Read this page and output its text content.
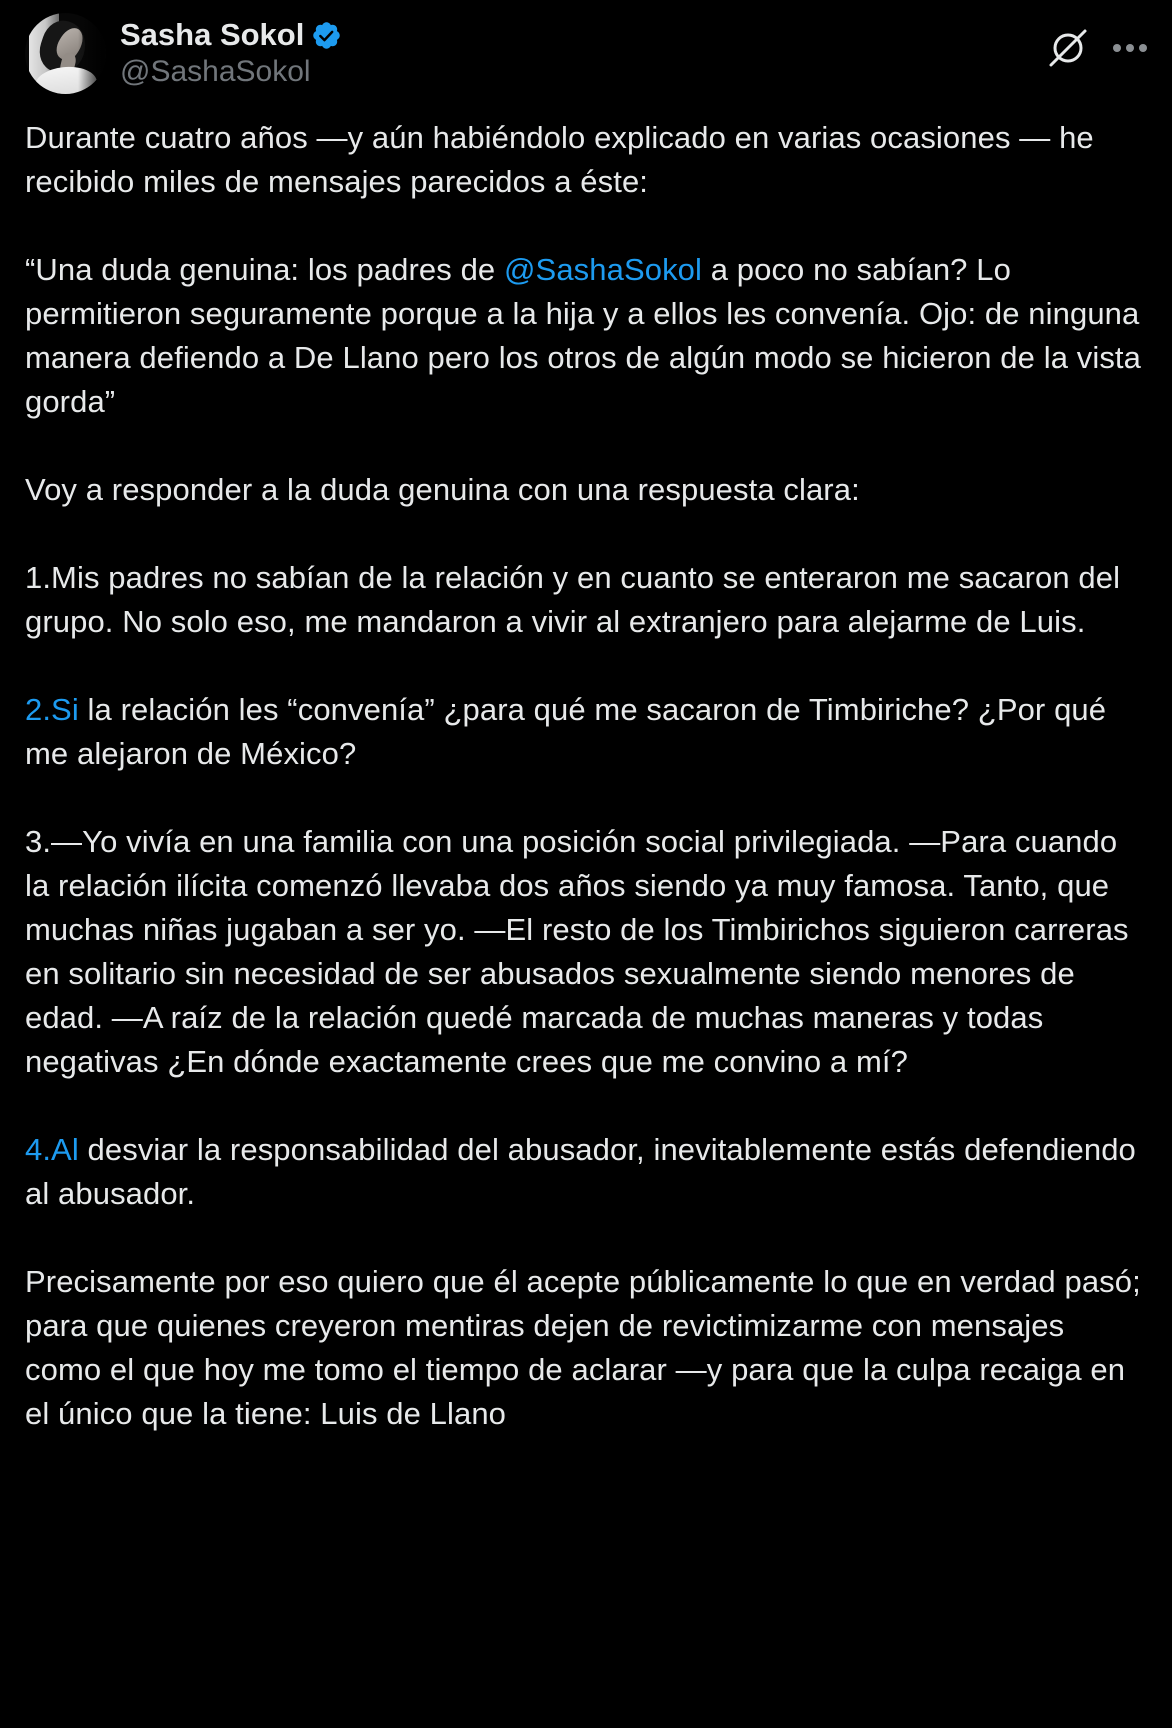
Sasha Sokol
@SashaSokol

Durante cuatro años —y aún habiéndolo explicado en varias ocasiones — he recibido miles de mensajes parecidos a éste:

“Una duda genuina: los padres de @SashaSokol a poco no sabían? Lo permitieron seguramente porque a la hija y a ellos les convenía. Ojo: de ninguna manera defiendo a De Llano pero los otros de algún modo se hicieron de la vista gorda”

Voy a responder a la duda genuina con una respuesta clara:

1.Mis padres no sabían de la relación y en cuanto se enteraron me sacaron del grupo. No solo eso, me mandaron a vivir al extranjero para alejarme de Luis.

2.Si la relación les “convenía” ¿para qué me sacaron de Timbiriche? ¿Por qué me alejaron de México?

3.—Yo vivía en una familia con una posición social privilegiada. —Para cuando la relación ilícita comenzó llevaba dos años siendo ya muy famosa. Tanto, que muchas niñas jugaban a ser yo. —El resto de los Timbirichos siguieron carreras en solitario sin necesidad de ser abusados sexualmente siendo menores de edad. —A raíz de la relación quedé marcada de muchas maneras y todas negativas ¿En dónde exactamente crees que me convino a mí?

4.Al desviar la responsabilidad del abusador, inevitablemente estás defendiendo al abusador.

Precisamente por eso quiero que él acepte públicamente lo que en verdad pasó; para que quienes creyeron mentiras dejen de revictimizarme con mensajes como el que hoy me tomo el tiempo de aclarar —y para que la culpa recaiga en el único que la tiene: Luis de Llano
